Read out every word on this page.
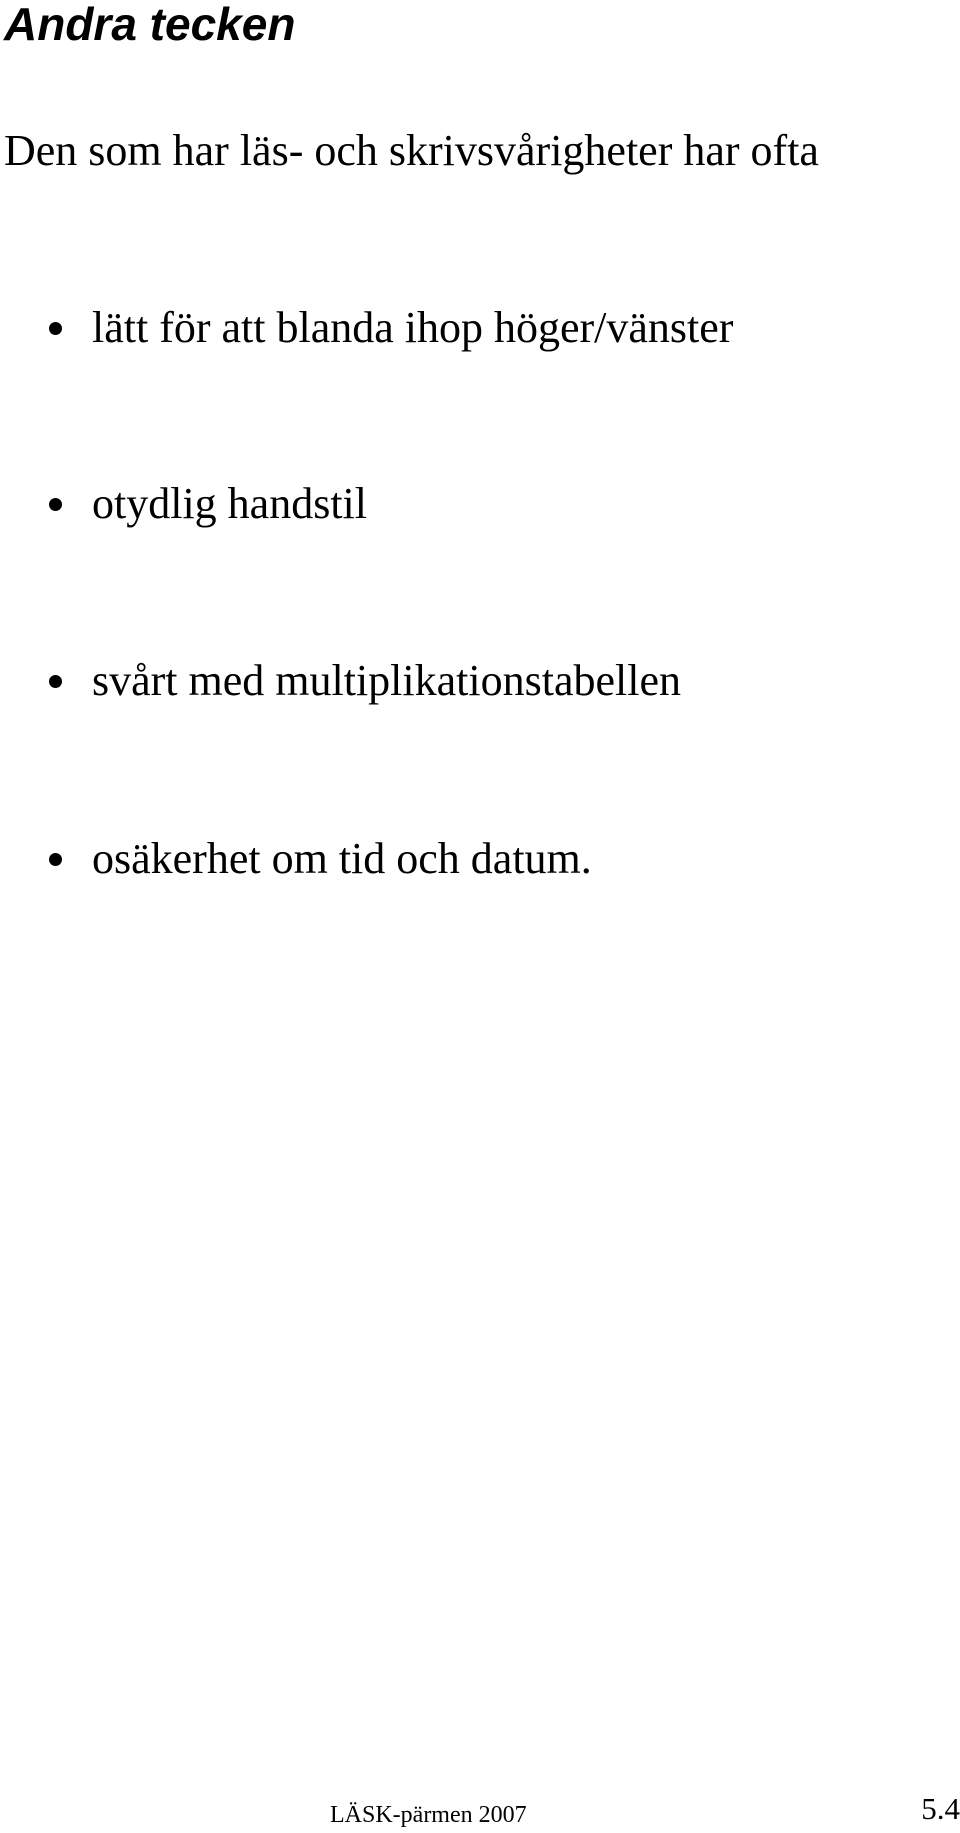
Andra tecken

Den som har läs- och skrivsvårigheter har ofta

lätt för att blanda ihop höger/vänster
otydlig handstil
svårt med multiplikationstabellen
osäkerhet om tid och datum.
LÄSK-pärmen 2007	5.4
